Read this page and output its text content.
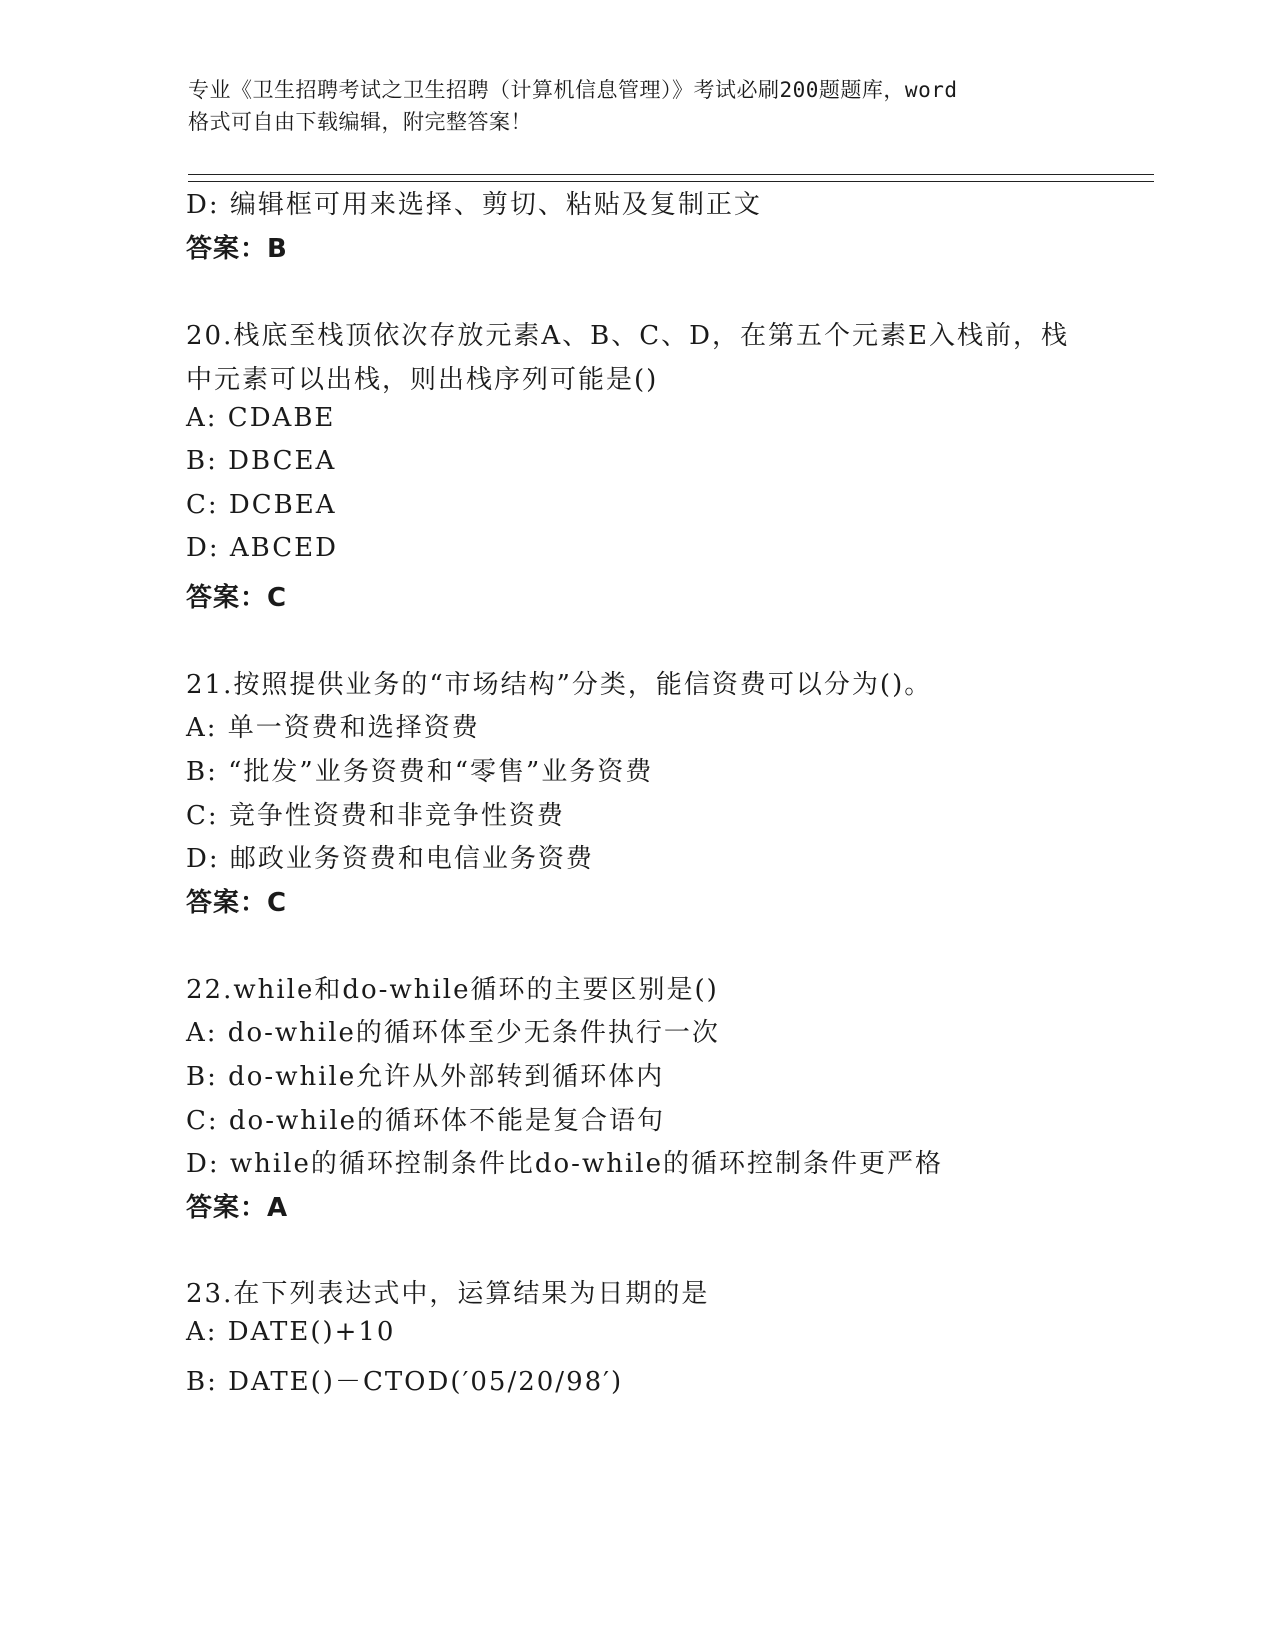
专业《卫生招聘考试之卫生招聘（计算机信息管理）》考试必刷200题题库，word
格式可自由下载编辑，附完整答案！
D: 编辑框可用来选择、剪切、粘贴及复制正文
答案：B
20.栈底至栈顶依次存放元素A、B、C、D，在第五个元素E入栈前，栈
中元素可以出栈，则出栈序列可能是()
A: CDABE
B: DBCEA
C: DCBEA
D: ABCED
答案：C
21.按照提供业务的“市场结构”分类，能信资费可以分为()。
A: 单一资费和选择资费
B: “批发”业务资费和“零售”业务资费
C: 竞争性资费和非竞争性资费
D: 邮政业务资费和电信业务资费
答案：C
22.while和do-while循环的主要区别是()
A: do-while的循环体至少无条件执行一次
B: do-while允许从外部转到循环体内
C: do-while的循环体不能是复合语句
D: while的循环控制条件比do-while的循环控制条件更严格
答案：A
23.在下列表达式中，运算结果为日期的是
A: DATE()+10
B: DATE()－CTOD(′05/20/98′)
